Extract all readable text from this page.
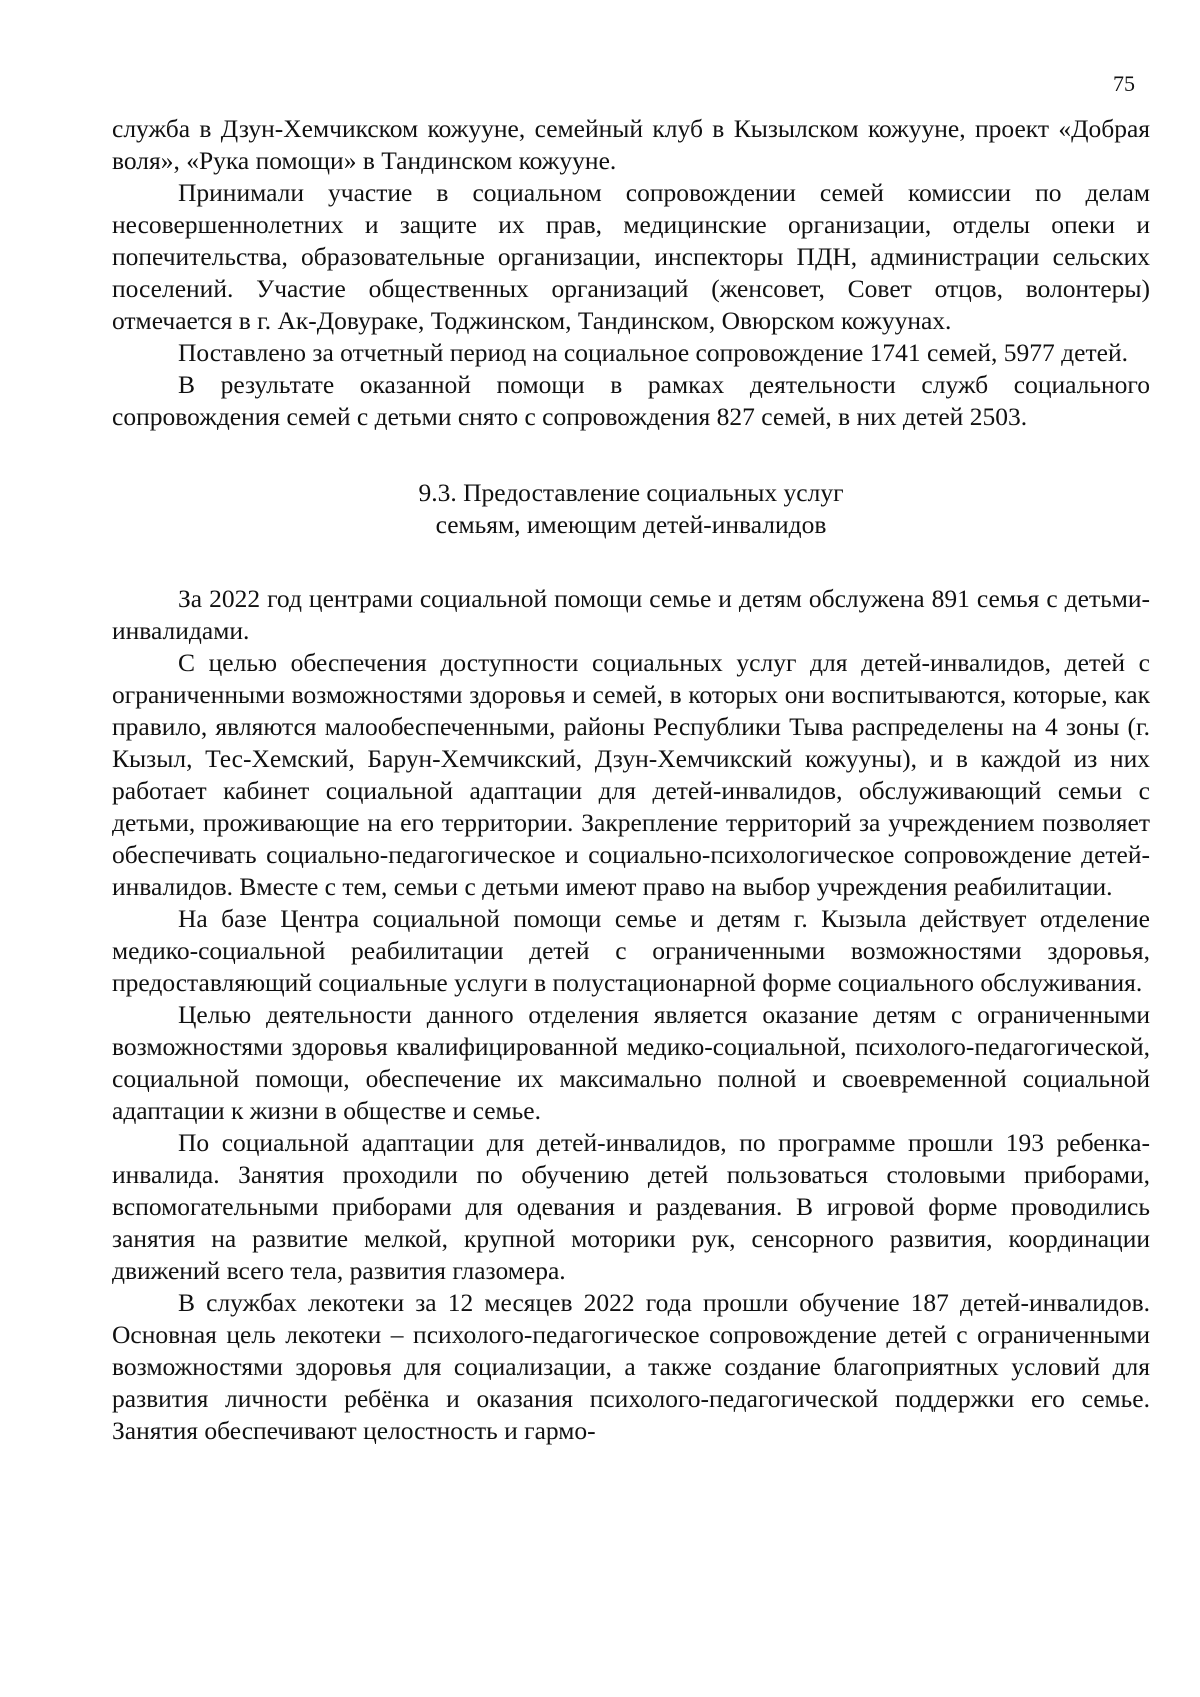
75

служба в Дзун-Хемчикском кожууне, семейный клуб в Кызылском кожууне, проект «Добрая воля», «Рука помощи» в Тандинском кожууне.

Принимали участие в социальном сопровождении семей комиссии по делам несовершеннолетних и защите их прав, медицинские организации, отделы опеки и попечительства, образовательные организации, инспекторы ПДН, администрации сельских поселений. Участие общественных организаций (женсовет, Совет отцов, волонтеры) отмечается в г. Ак-Довураке, Тоджинском, Тандинском, Овюрском кожуунах.

Поставлено за отчетный период на социальное сопровождение 1741 семей, 5977 детей.

В результате оказанной помощи в рамках деятельности служб социального сопровождения семей с детьми снято с сопровождения 827 семей, в них детей 2503.

9.3. Предоставление социальных услуг
семьям, имеющим детей-инвалидов

За 2022 год центрами социальной помощи семье и детям обслужена 891 семья с детьми-инвалидами.

С целью обеспечения доступности социальных услуг для детей-инвалидов, детей с ограниченными возможностями здоровья и семей, в которых они воспитываются, которые, как правило, являются малообеспеченными, районы Республики Тыва распределены на 4 зоны (г. Кызыл, Тес-Хемский, Барун-Хемчикский, Дзун-Хемчикский кожууны), и в каждой из них работает кабинет социальной адаптации для детей-инвалидов, обслуживающий семьи с детьми, проживающие на его территории. Закрепление территорий за учреждением позволяет обеспечивать социально-педагогическое и социально-психологическое сопровождение детей-инвалидов. Вместе с тем, семьи с детьми имеют право на выбор учреждения реабилитации.

На базе Центра социальной помощи семье и детям г. Кызыла действует отделение медико-социальной реабилитации детей с ограниченными возможностями здоровья, предоставляющий социальные услуги в полустационарной форме социального обслуживания.

Целью деятельности данного отделения является оказание детям с ограниченными возможностями здоровья квалифицированной медико-социальной, психолого-педагогической, социальной помощи, обеспечение их максимально полной и своевременной социальной адаптации к жизни в обществе и семье.

По социальной адаптации для детей-инвалидов, по программе прошли 193 ребенка-инвалида. Занятия проходили по обучению детей пользоваться столовыми приборами, вспомогательными приборами для одевания и раздевания. В игровой форме проводились занятия на развитие мелкой, крупной моторики рук, сенсорного развития, координации движений всего тела, развития глазомера.

В службах лекотеки за 12 месяцев 2022 года прошли обучение 187 детей-инвалидов. Основная цель лекотеки – психолого-педагогическое сопровождение детей с ограниченными возможностями здоровья для социализации, а также создание благоприятных условий для развития личности ребёнка и оказания психолого-педагогической поддержки его семье. Занятия обеспечивают целостность и гармо-
